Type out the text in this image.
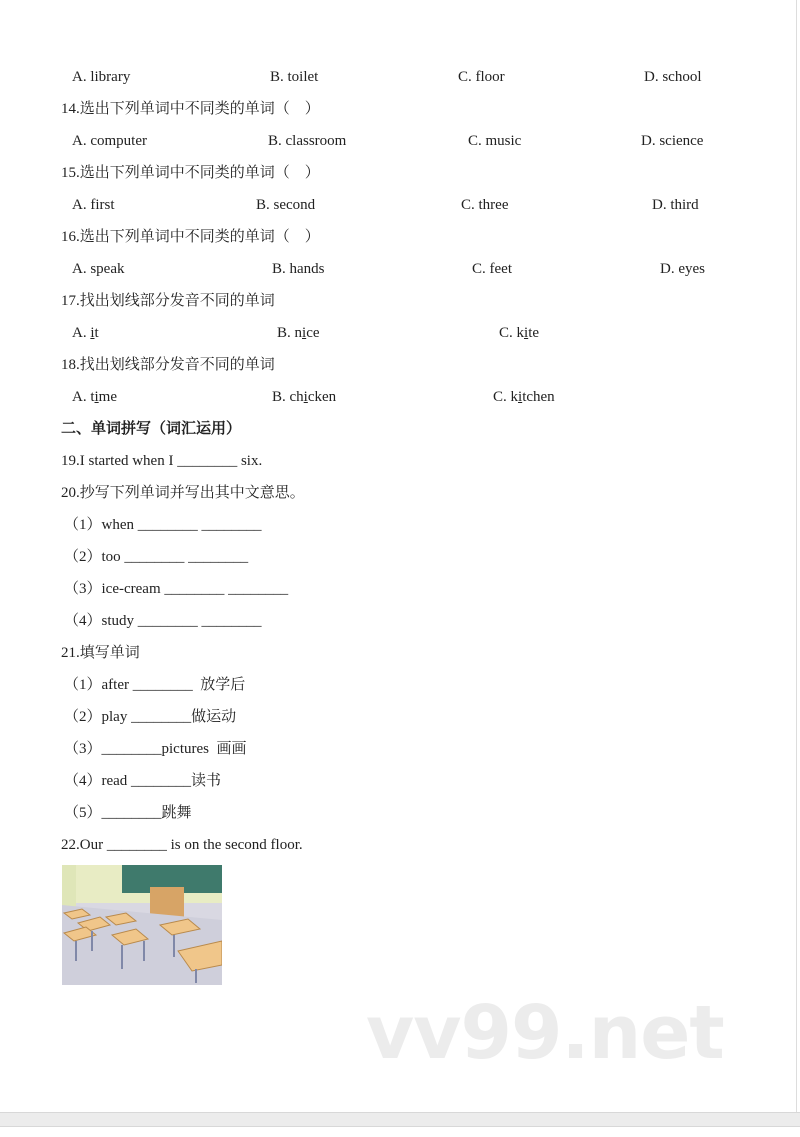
A. library	B. toilet	C. floor	D. school
14.选出下列单词中不同类的单词（    ）
A. computer	B. classroom	C. music	D. science
15.选出下列单词中不同类的单词（    ）
A. first	B. second	C. three	D. third
16.选出下列单词中不同类的单词（    ）
A. speak	B. hands	C. feet	D. eyes
17.找出划线部分发音不同的单词
A. it	B. nice	C. kite
18.找出划线部分发音不同的单词
A. time	B. chicken	C. kitchen
二、单词拼写（词汇运用）
19.I started when I ________ six.
20.抄写下列单词并写出其中文意思。
（1）when ________ ________
（2）too ________ ________
（3）ice-cream ________ ________
（4）study ________ ________
21.填写单词
（1）after ________  放学后
（2）play ________做运动
（3）________pictures  画画
（4）read ________读书
（5）________跳舞
22.Our ________ is on the second floor.
vv99.net
